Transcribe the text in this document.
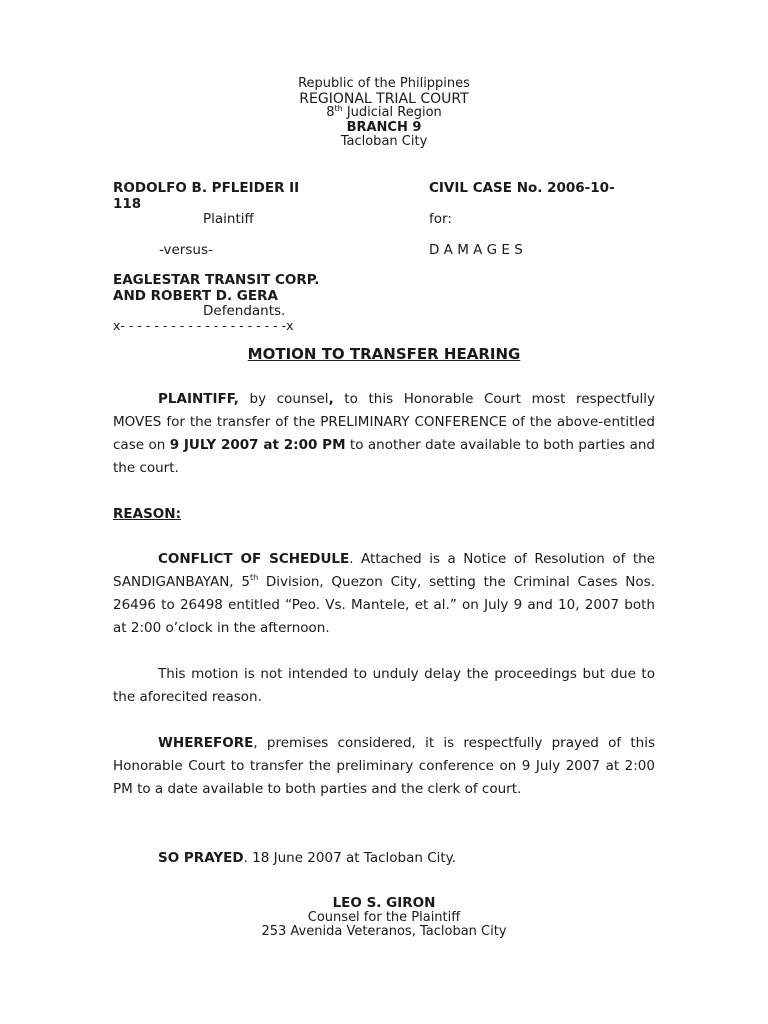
Republic of the Philippines
REGIONAL TRIAL COURT
8th Judicial Region
BRANCH 9
Tacloban City
RODOLFO B. PFLEIDER II
118
Plaintiff
-versus-
EAGLESTAR TRANSIT CORP.
AND ROBERT D. GERA
Defendants.
x- - - - - - - - - - - - - - - - - - - -x
CIVIL CASE No. 2006-10-
for:
D A M A G E S
MOTION TO TRANSFER HEARING
PLAINTIFF, by counsel, to this Honorable Court most respectfully MOVES for the transfer of the PRELIMINARY CONFERENCE of the above-entitled case on 9 JULY 2007 at 2:00 PM to another date available to both parties and the court.
REASON:
CONFLICT OF SCHEDULE. Attached is a Notice of Resolution of the SANDIGANBAYAN, 5th Division, Quezon City, setting the Criminal Cases Nos. 26496 to 26498 entitled “Peo. Vs. Mantele, et al.” on July 9 and 10, 2007 both at 2:00 o’clock in the afternoon.
This motion is not intended to unduly delay the proceedings but due to the aforecited reason.
WHEREFORE, premises considered, it is respectfully prayed of this Honorable Court to transfer the preliminary conference on 9 July 2007 at 2:00 PM to a date available to both parties and the clerk of court.
SO PRAYED. 18 June 2007 at Tacloban City.
LEO S. GIRON
Counsel for the Plaintiff
253 Avenida Veteranos, Tacloban City
